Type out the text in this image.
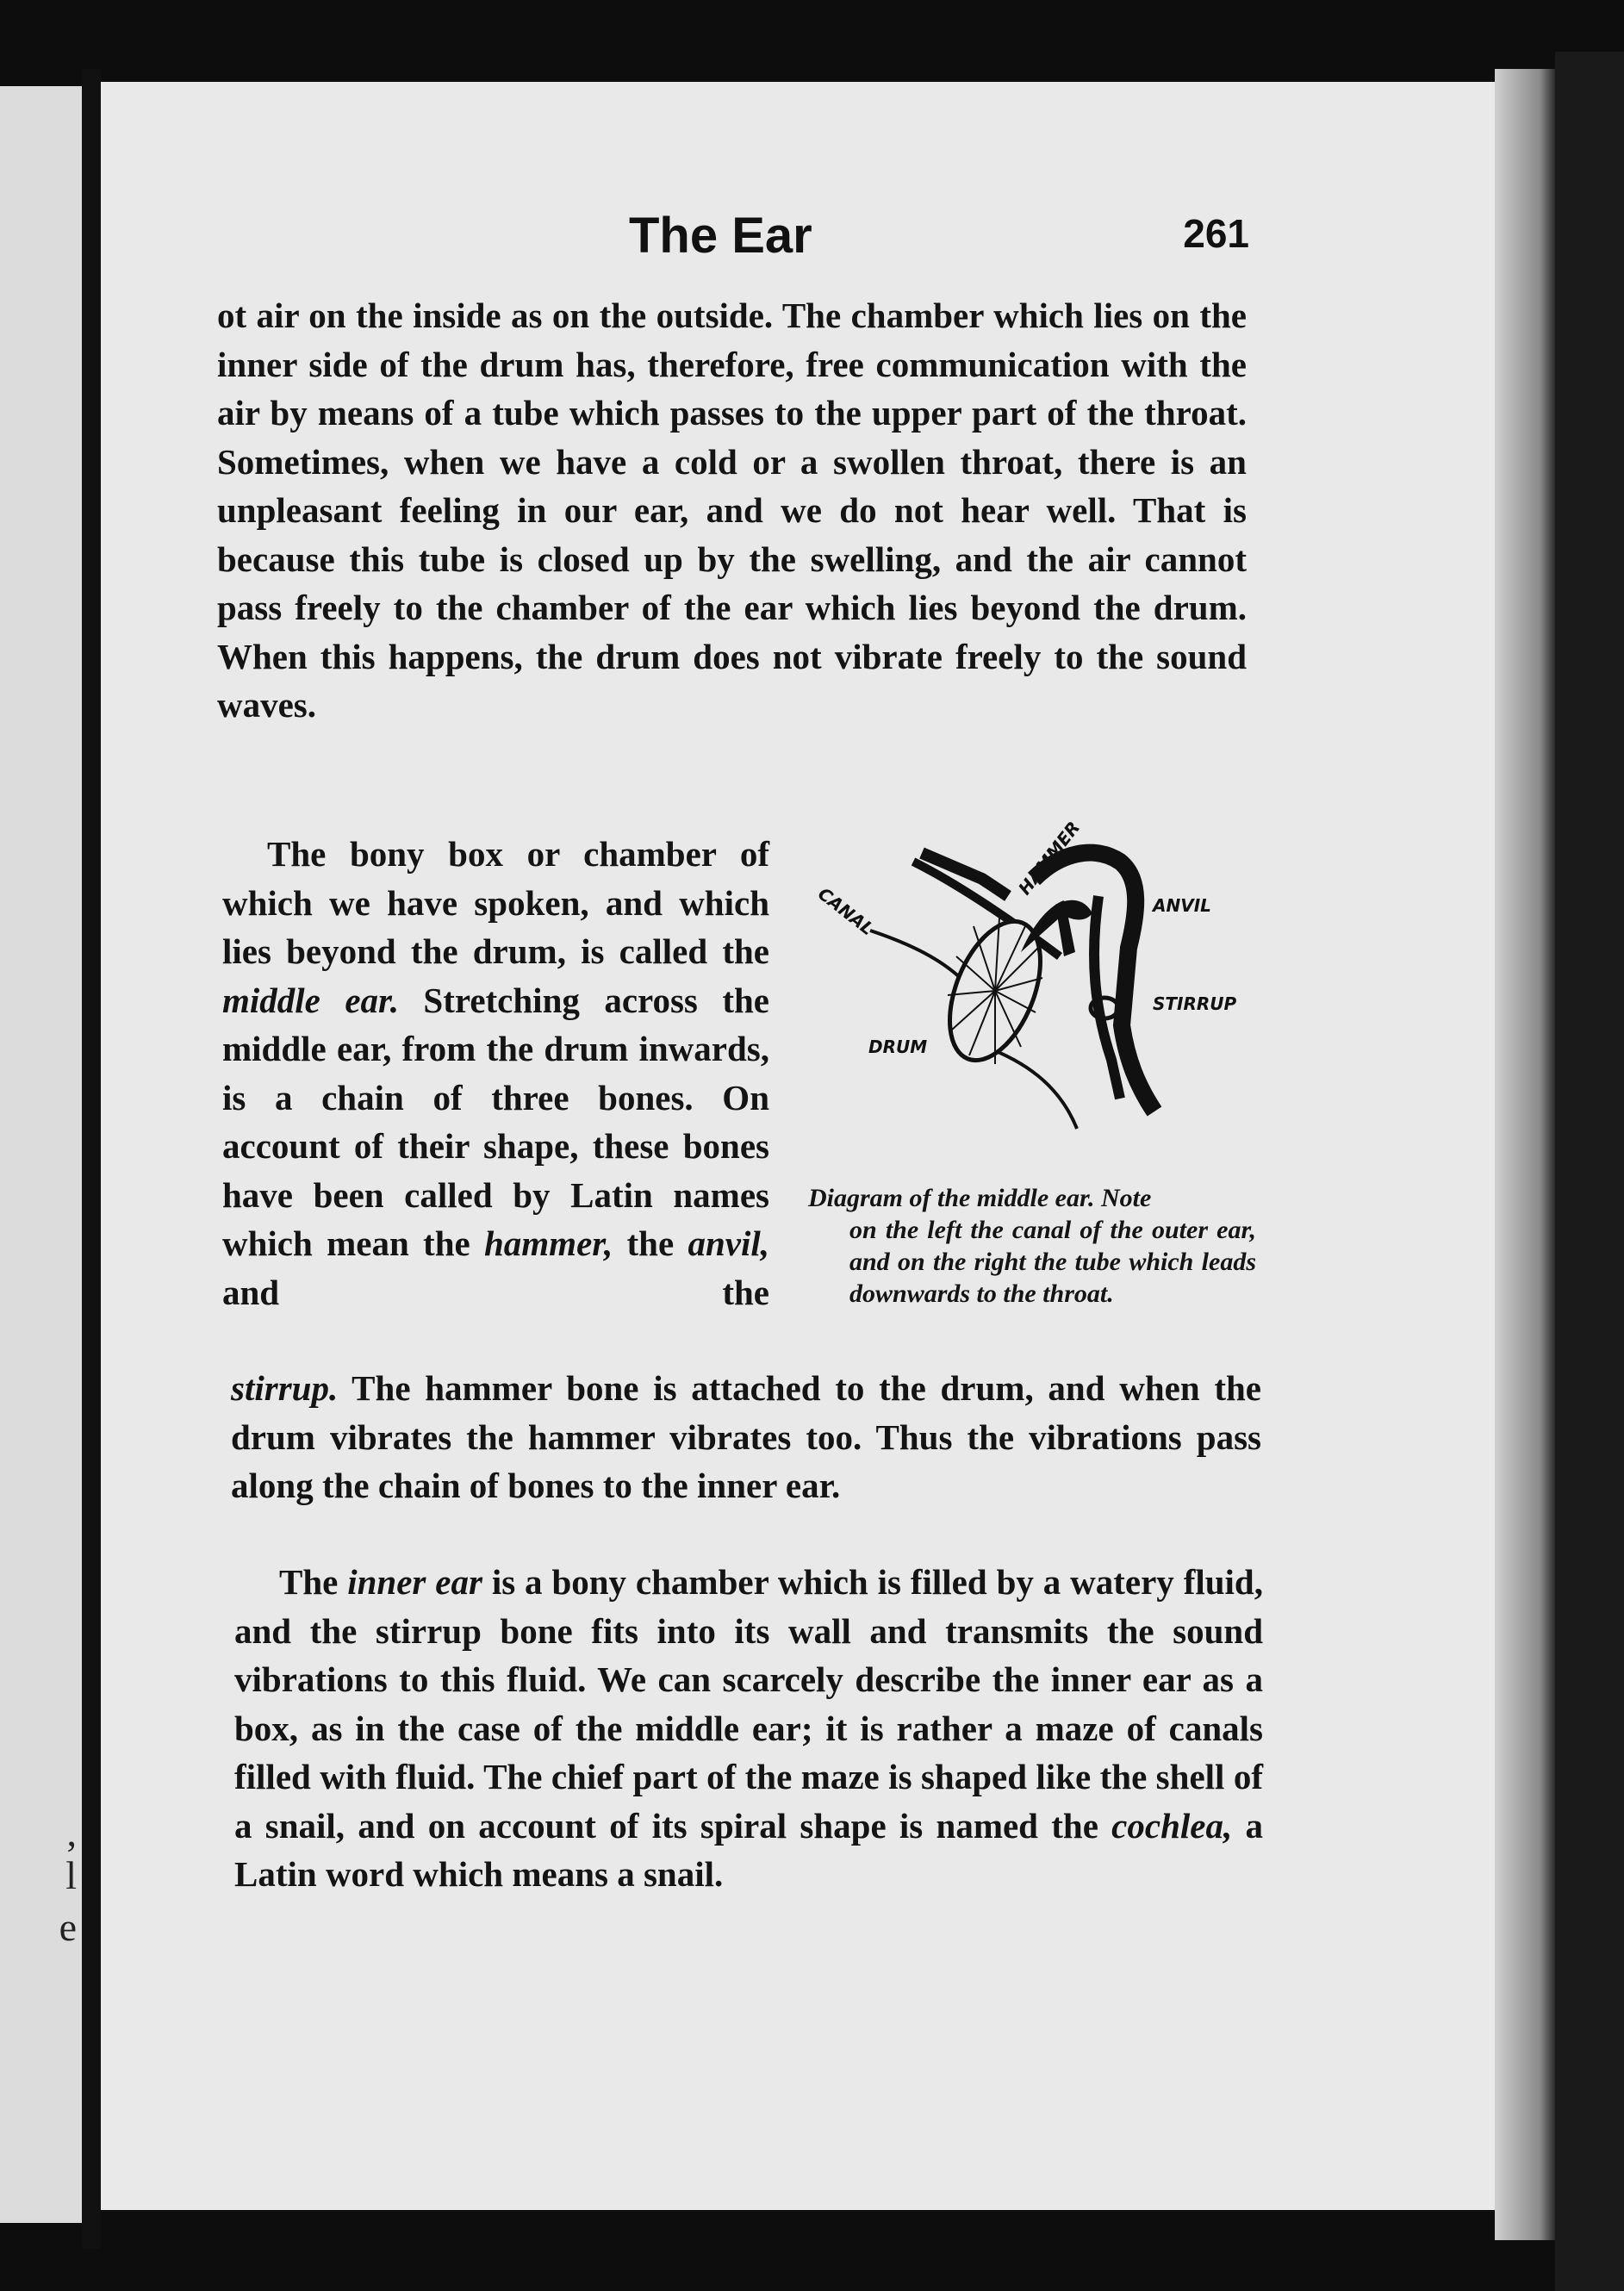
,
l
e
The Ear	261

ot air on the inside as on the outside. The chamber which lies on the inner side of the drum has, therefore, free communication with the air by means of a tube which passes to the upper part of the throat. Sometimes, when we have a cold or a swollen throat, there is an unpleasant feeling in our ear, and we do not hear well. That is because this tube is closed up by the swelling, and the air cannot pass freely to the chamber of the ear which lies beyond the drum. When this happens, the drum does not vibrate freely to the sound waves.

The bony box or chamber of which we have spoken, and which lies beyond the drum, is called the middle ear. Stretching across the middle ear, from the drum inwards, is a chain of three bones. On account of their shape, these bones have been called by Latin names which mean the hammer, the anvil, and the
HAMMER
ANVIL
CANAL
STIRRUP
DRUM
Diagram of the middle ear. Note
on the left the canal of the outer ear, and on the right the tube which leads downwards to the throat.
stirrup. The hammer bone is attached to the drum, and when the drum vibrates the hammer vibrates too. Thus the vibrations pass along the chain of bones to the inner ear.
The inner ear is a bony chamber which is filled by a watery fluid, and the stirrup bone fits into its wall and transmits the sound vibrations to this fluid. We can scarcely describe the inner ear as a box, as in the case of the middle ear; it is rather a maze of canals filled with fluid. The chief part of the maze is shaped like the shell of a snail, and on account of its spiral shape is named the cochlea, a Latin word which means a snail.
